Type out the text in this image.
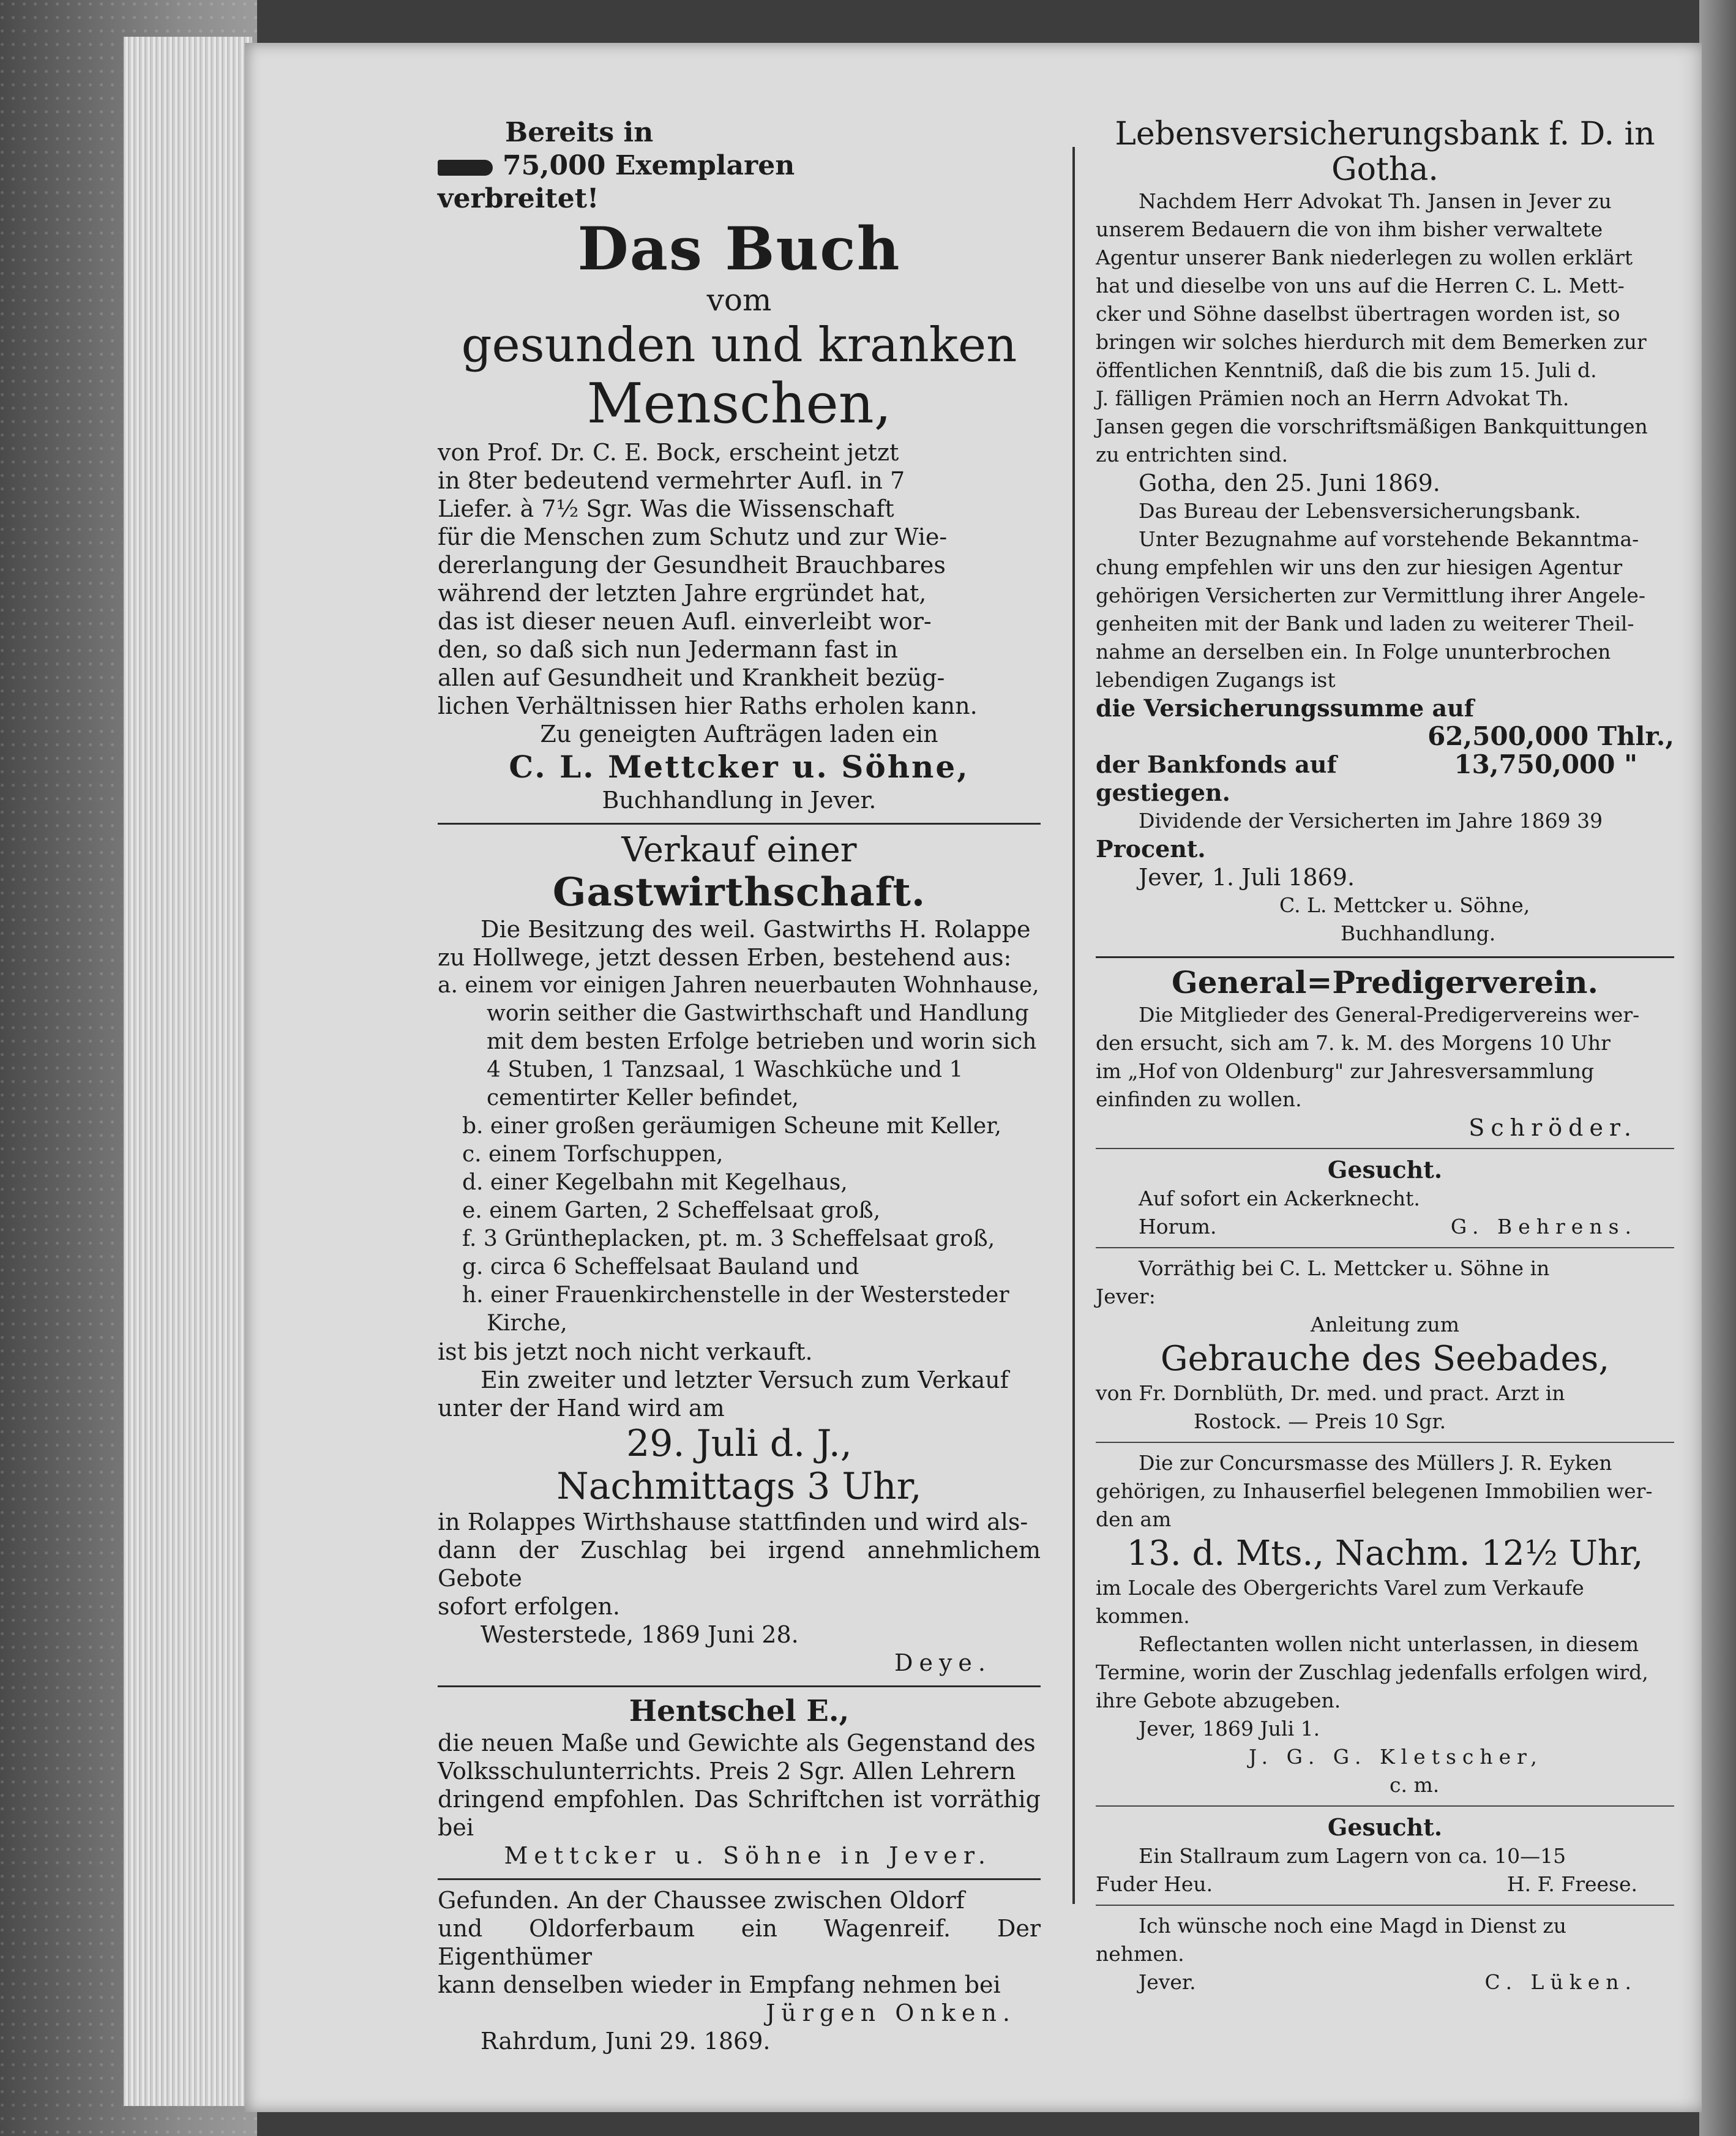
Bereits in

75,000 Exemplaren

verbreitet!

Das Buch

vom

gesunden und kranken

Menschen,

von Prof. Dr. C. E. Bock, erscheint jetzt

in 8ter bedeutend vermehrter Aufl. in 7

Liefer. à 7½ Sgr. Was die Wissenschaft

für die Menschen zum Schutz und zur Wie-

dererlangung der Gesundheit Brauchbares

während der letzten Jahre ergründet hat,

das ist dieser neuen Aufl. einverleibt wor-

den, so daß sich nun Jedermann fast in

allen auf Gesundheit und Krankheit bezüg-

lichen Verhältnissen hier Raths erholen kann.

Zu geneigten Aufträgen laden ein

C. L. Mettcker u. Söhne,

Buchhandlung in Jever.

Verkauf einer

Gastwirthschaft.

Die Besitzung des weil. Gastwirths H. Rolappe

zu Hollwege, jetzt dessen Erben, bestehend aus:

a. einem vor einigen Jahren neuerbauten Wohnhause,

worin seither die Gastwirthschaft und Handlung

mit dem besten Erfolge betrieben und worin sich

4 Stuben, 1 Tanzsaal, 1 Waschküche und 1

cementirter Keller befindet,

b. einer großen geräumigen Scheune mit Keller,

c. einem Torfschuppen,

d. einer Kegelbahn mit Kegelhaus,

e. einem Garten, 2 Scheffelsaat groß,

f. 3 Grüntheplacken, pt. m. 3 Scheffelsaat groß,

g. circa 6 Scheffelsaat Bauland und

h. einer Frauenkirchenstelle in der Westersteder

Kirche,

ist bis jetzt noch nicht verkauft.

Ein zweiter und letzter Versuch zum Verkauf

unter der Hand wird am

29. Juli d. J.,

Nachmittags 3 Uhr,

in Rolappes Wirthshause stattfinden und wird als-

dann der Zuschlag bei irgend annehmlichem Gebote

sofort erfolgen.

Westerstede, 1869 Juni 28.

Deye.

Hentschel E.,

die neuen Maße und Gewichte als Gegenstand des

Volksschulunterrichts. Preis 2 Sgr. Allen Lehrern

dringend empfohlen. Das Schriftchen ist vorräthig bei

Mettcker u. Söhne in Jever.

Gefunden. An der Chaussee zwischen Oldorf

und Oldorferbaum ein Wagenreif. Der Eigenthümer

kann denselben wieder in Empfang nehmen bei

Jürgen Onken.

Rahrdum, Juni 29. 1869.

Lebensversicherungsbank f. D. in

Gotha.

Nachdem Herr Advokat Th. Jansen in Jever zu

unserem Bedauern die von ihm bisher verwaltete

Agentur unserer Bank niederlegen zu wollen erklärt

hat und dieselbe von uns auf die Herren C. L. Mett-

cker und Söhne daselbst übertragen worden ist, so

bringen wir solches hierdurch mit dem Bemerken zur

öffentlichen Kenntniß, daß die bis zum 15. Juli d.

J. fälligen Prämien noch an Herrn Advokat Th.

Jansen gegen die vorschriftsmäßigen Bankquittungen

zu entrichten sind.

Gotha, den 25. Juni 1869.

Das Bureau der Lebensversicherungsbank.

Unter Bezugnahme auf vorstehende Bekanntma-

chung empfehlen wir uns den zur hiesigen Agentur

gehörigen Versicherten zur Vermittlung ihrer Angele-

genheiten mit der Bank und laden zu weiterer Theil-

nahme an derselben ein. In Folge ununterbrochen

lebendigen Zugangs ist

die Versicherungssumme auf

62,500,000 Thlr.,

der Bankfonds auf	13,750,000 "

gestiegen.

Dividende der Versicherten im Jahre 1869 39

Procent.

Jever, 1. Juli 1869.

C. L. Mettcker u. Söhne,

Buchhandlung.

General=Predigerverein.

Die Mitglieder des General-Predigervereins wer-

den ersucht, sich am 7. k. M. des Morgens 10 Uhr

im „Hof von Oldenburg" zur Jahresversammlung

einfinden zu wollen.

Schröder.

Gesucht.

Auf sofort ein Ackerknecht.

Horum.	G. Behrens.

Vorräthig bei C. L. Mettcker u. Söhne in

Jever:

Anleitung zum

Gebrauche des Seebades,

von Fr. Dornblüth, Dr. med. und pract. Arzt in

Rostock. — Preis 10 Sgr.

Die zur Concursmasse des Müllers J. R. Eyken

gehörigen, zu Inhauserfiel belegenen Immobilien wer-

den am

13. d. Mts., Nachm. 12½ Uhr,

im Locale des Obergerichts Varel zum Verkaufe

kommen.

Reflectanten wollen nicht unterlassen, in diesem

Termine, worin der Zuschlag jedenfalls erfolgen wird,

ihre Gebote abzugeben.

Jever, 1869 Juli 1.

J. G. G. Kletscher,

c. m.

Gesucht.

Ein Stallraum zum Lagern von ca. 10—15

Fuder Heu.	H. F. Freese.

Ich wünsche noch eine Magd in Dienst zu

nehmen.

Jever.	C. Lüken.
